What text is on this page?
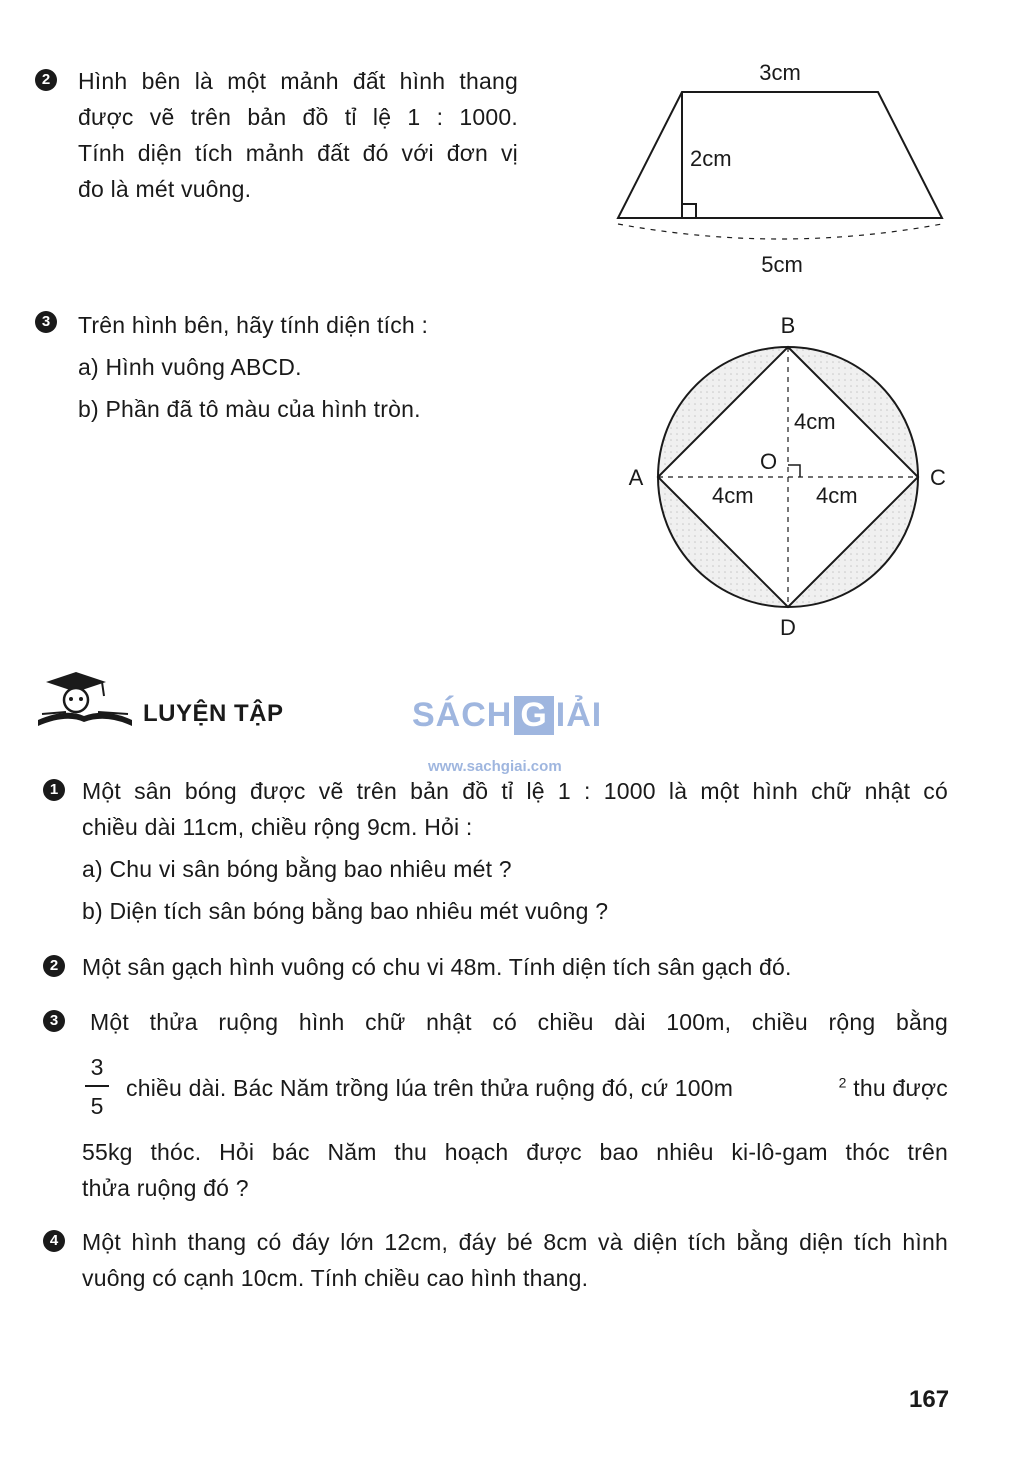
2 Hình bên là một mảnh đất hình thang
được vẽ trên bản đồ tỉ lệ 1 : 1000.
Tính diện tích mảnh đất đó với đơn vị
đo là mét vuông.
3cm
2cm
5cm
3 Trên hình bên, hãy tính diện tích :
a) Hình vuông ABCD.
b) Phần đã tô màu của hình tròn.
B
A	C
D
O
4cm
4cm	4cm
LUYỆN TẬP	SÁCH G IẢI
www.sachgiai.com
1 Một sân bóng được vẽ trên bản đồ tỉ lệ 1 : 1000 là một hình chữ nhật có
chiều dài 11cm, chiều rộng 9cm. Hỏi :
a) Chu vi sân bóng bằng bao nhiêu mét ?
b) Diện tích sân bóng bằng bao nhiêu mét vuông ?
2 Một sân gạch hình vuông có chu vi 48m. Tính diện tích sân gạch đó.
3 Một thửa ruộng hình chữ nhật có chiều dài 100m, chiều rộng bằng
3
5
chiều dài. Bác Năm trồng lúa trên thửa ruộng đó, cứ 100m	$^2$ thu được
55kg thóc. Hỏi bác Năm thu hoạch được bao nhiêu ki-lô-gam thóc trên
thửa ruộng đó ?
4 Một hình thang có đáy lớn 12cm, đáy bé 8cm và diện tích bằng diện tích hình
vuông có cạnh 10cm. Tính chiều cao hình thang.
167
